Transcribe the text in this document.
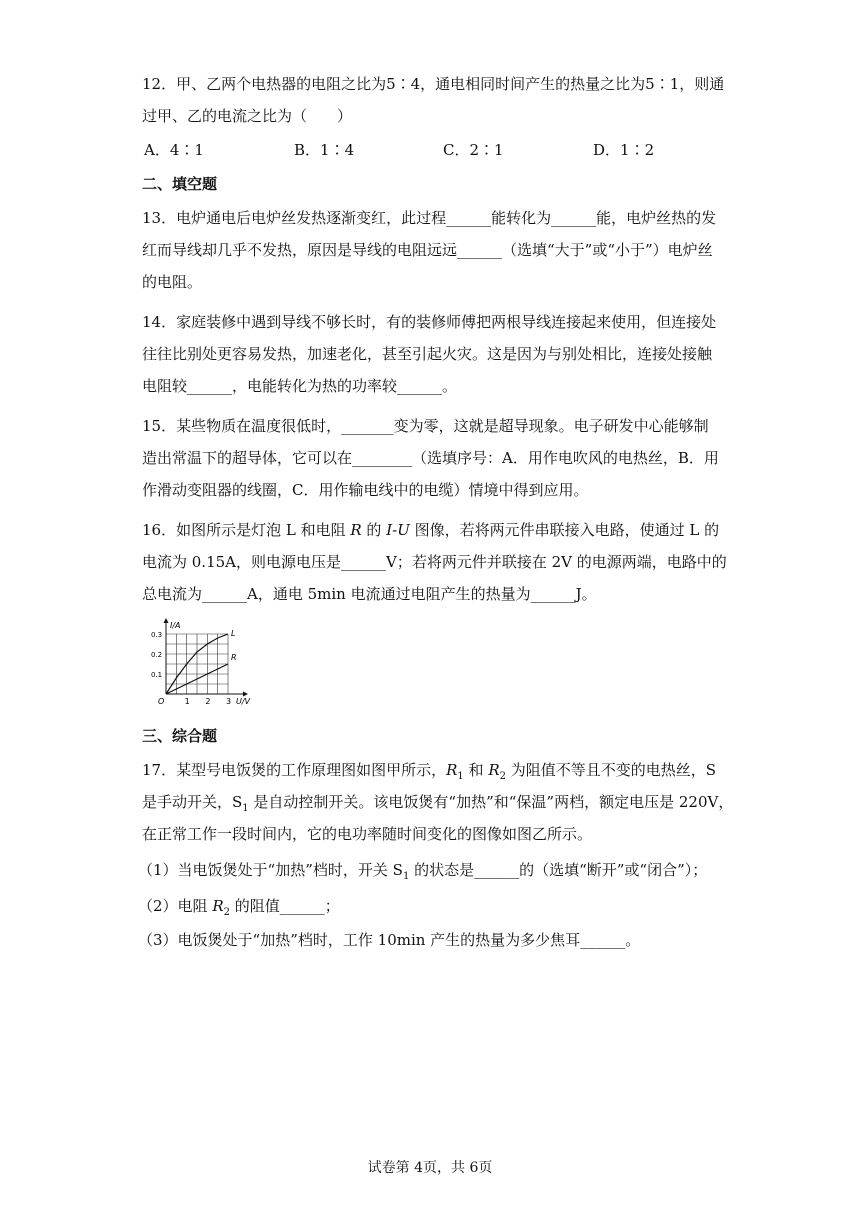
12．甲、乙两个电热器的电阻之比为5∶4，通电相同时间产生的热量之比为5∶1，则通
过甲、乙的电流之比为（　　）
A．4∶1	B．1∶4	C．2∶1	D．1∶2
二、填空题
13．电炉通电后电炉丝发热逐渐变红，此过程______能转化为______能，电炉丝热的发
红而导线却几乎不发热，原因是导线的电阻远远______（选填“大于”或“小于”）电炉丝
的电阻。
14．家庭装修中遇到导线不够长时，有的装修师傅把两根导线连接起来使用，但连接处
往往比别处更容易发热，加速老化，甚至引起火灾。这是因为与别处相比，连接处接触
电阻较______，电能转化为热的功率较______。
15．某些物质在温度很低时，_______变为零，这就是超导现象。电子研发中心能够制
造出常温下的超导体，它可以在________（选填序号：A．用作电吹风的电热丝，B．用
作滑动变阻器的线圈，C．用作输电线中的电缆）情境中得到应用。
16．如图所示是灯泡 L 和电阻 R 的 I-U 图像，若将两元件串联接入电路，使通过 L 的
电流为 0.15A，则电源电压是______V；若将两元件并联接在 2V 的电源两端，电路中的
总电流为______A，通电 5min 电流通过电阻产生的热量为______J。
L
R
1 2 3
0.1
0.2
0.3
O	U/V
I/A
三、综合题
17．某型号电饭煲的工作原理图如图甲所示，$R_1$ 和 $R_2$ 为阻值不等且不变的电热丝，S
是手动开关，$S_1$ 是自动控制开关。该电饭煲有“加热”和“保温”两档，额定电压是 220V，
在正常工作一段时间内，它的电功率随时间变化的图像如图乙所示。
（1）当电饭煲处于“加热”档时，开关 $S_1$ 的状态是______的（选填“断开”或“闭合”）；
（2）电阻 $R_2$ 的阻值______；
（3）电饭煲处于“加热”档时，工作 10min 产生的热量为多少焦耳______。
试卷第 4页，共 6页
